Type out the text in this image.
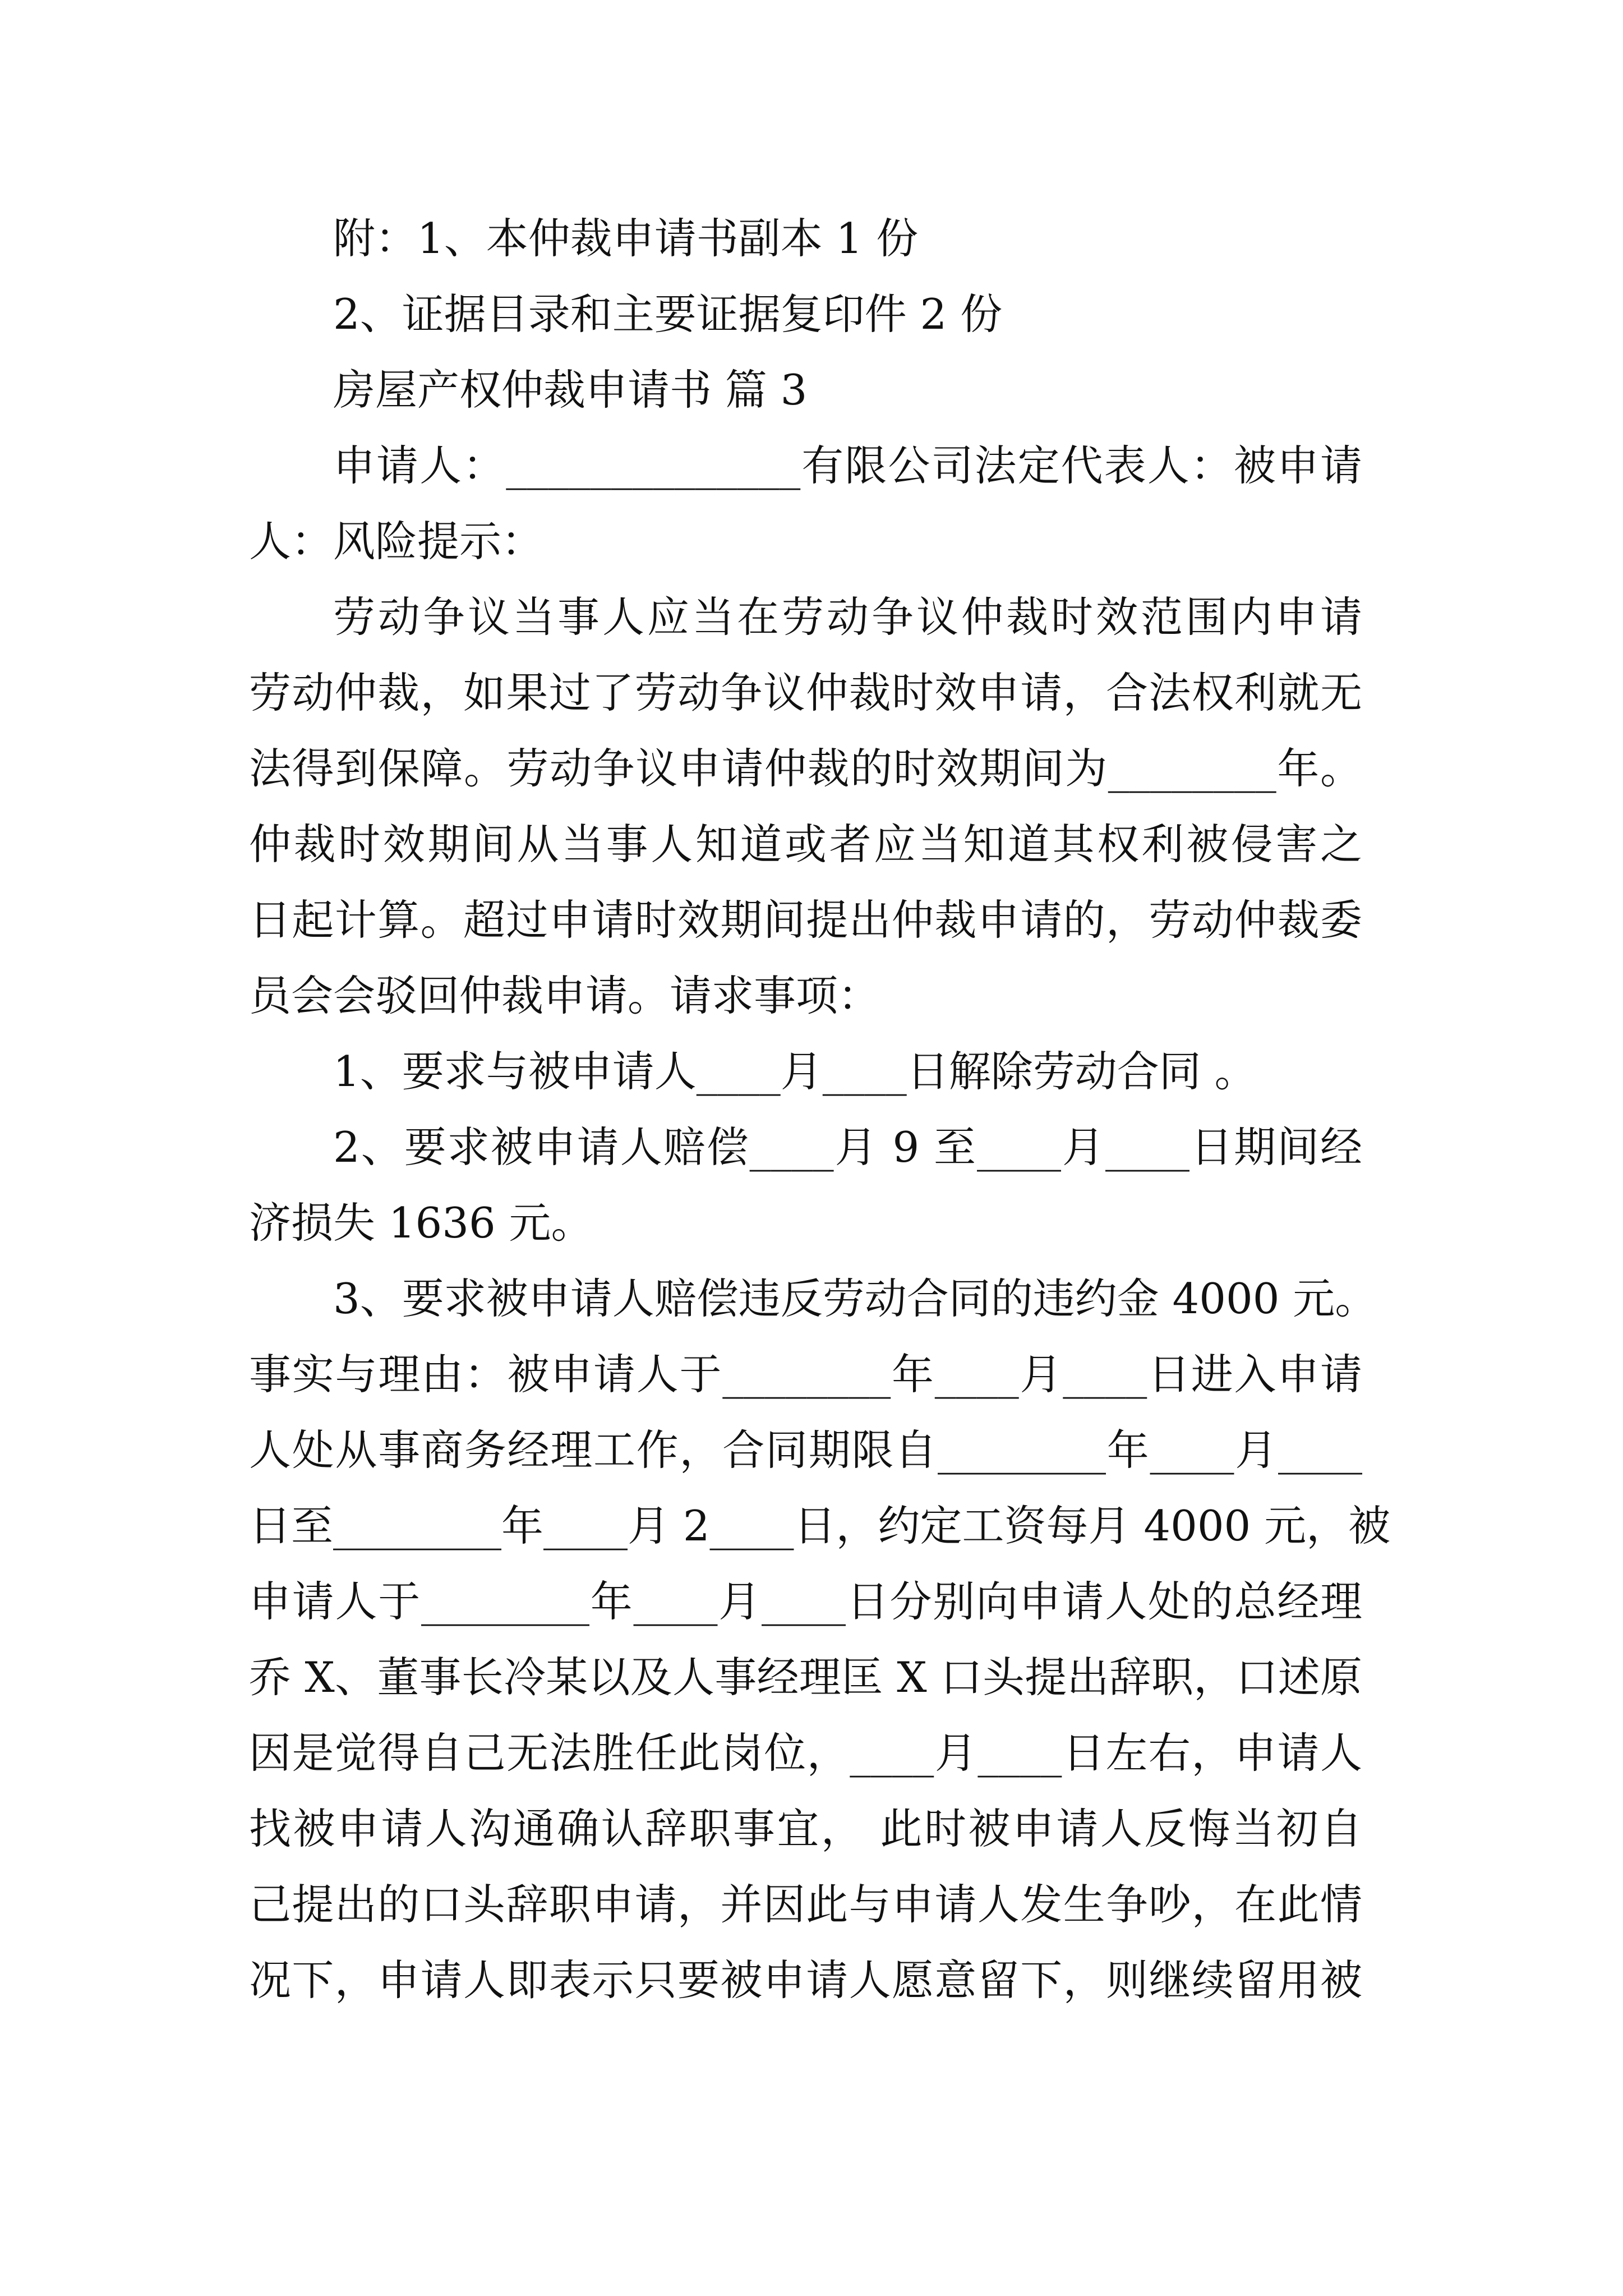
附：1、本仲裁申请书副本 1 份
2、证据目录和主要证据复印件 2 份
房屋产权仲裁申请书 篇 3
申请人：______________有限公司法定代表人：被申请
人：风险提示：
劳动争议当事人应当在劳动争议仲裁时效范围内申请
劳动仲裁，如果过了劳动争议仲裁时效申请，合法权利就无
法得到保障。劳动争议申请仲裁的时效期间为________年。
仲裁时效期间从当事人知道或者应当知道其权利被侵害之
日起计算。超过申请时效期间提出仲裁申请的，劳动仲裁委
员会会驳回仲裁申请。请求事项：
1、要求与被申请人____月____日解除劳动合同 。
2、要求被申请人赔偿____月 9 至____月____日期间经
济损失 1636 元。
3、要求被申请人赔偿违反劳动合同的违约金 4000 元。
事实与理由：被申请人于________年____月____日进入申请
人处从事商务经理工作，合同期限自________年____月____
日至________年____月 2____日，约定工资每月 4000 元，被
申请人于________年____月____日分别向申请人处的总经理
乔 X、董事长冷某以及人事经理匡 X 口头提出辞职，口述原
因是觉得自己无法胜任此岗位，____月____日左右，申请人
找被申请人沟通确认辞职事宜， 此时被申请人反悔当初自
己提出的口头辞职申请，并因此与申请人发生争吵，在此情
况下，申请人即表示只要被申请人愿意留下，则继续留用被
